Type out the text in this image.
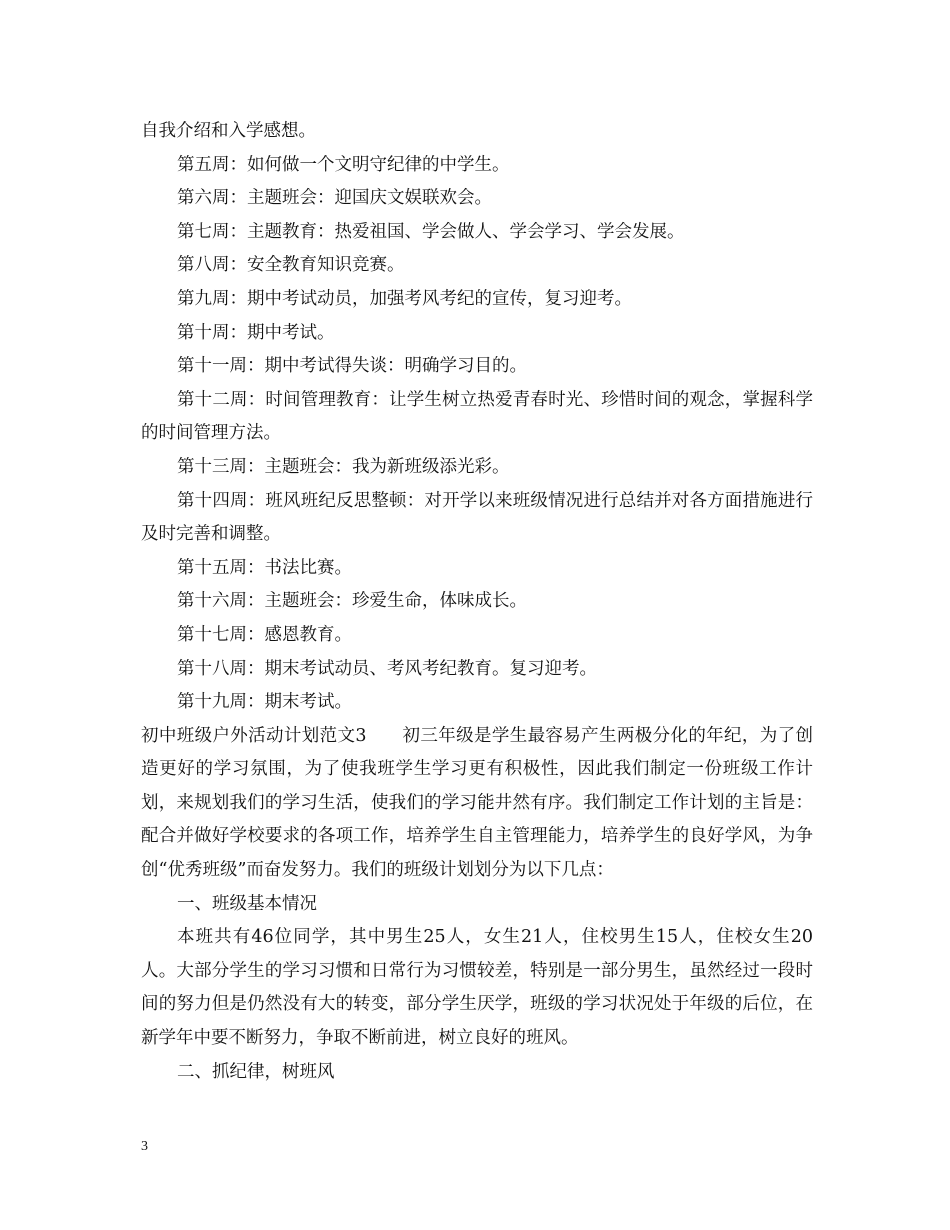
自我介绍和入学感想。

第五周：如何做一个文明守纪律的中学生。

第六周：主题班会：迎国庆文娱联欢会。

第七周：主题教育：热爱祖国、学会做人、学会学习、学会发展。

第八周：安全教育知识竞赛。

第九周：期中考试动员，加强考风考纪的宣传，复习迎考。

第十周：期中考试。

第十一周：期中考试得失谈：明确学习目的。

第十二周：时间管理教育：让学生树立热爱青春时光、珍惜时间的观念，掌握科学的时间管理方法。

第十三周：主题班会：我为新班级添光彩。

第十四周：班风班纪反思整顿：对开学以来班级情况进行总结并对各方面措施进行及时完善和调整。

第十五周：书法比赛。

第十六周：主题班会：珍爱生命，体味成长。

第十七周：感恩教育。

第十八周：期末考试动员、考风考纪教育。复习迎考。

第十九周：期末考试。

初中班级户外活动计划范文3　　初三年级是学生最容易产生两极分化的年纪，为了创造更好的学习氛围，为了使我班学生学习更有积极性，因此我们制定一份班级工作计划，来规划我们的学习生活，使我们的学习能井然有序。我们制定工作计划的主旨是：配合并做好学校要求的各项工作，培养学生自主管理能力，培养学生的良好学风，为争创“优秀班级”而奋发努力。我们的班级计划划分为以下几点：

一、班级基本情况

本班共有46位同学，其中男生25人，女生21人，住校男生15人，住校女生20人。大部分学生的学习习惯和日常行为习惯较差，特别是一部分男生，虽然经过一段时间的努力但是仍然没有大的转变，部分学生厌学，班级的学习状况处于年级的后位，在新学年中要不断努力，争取不断前进，树立良好的班风。

二、抓纪律，树班风

3
